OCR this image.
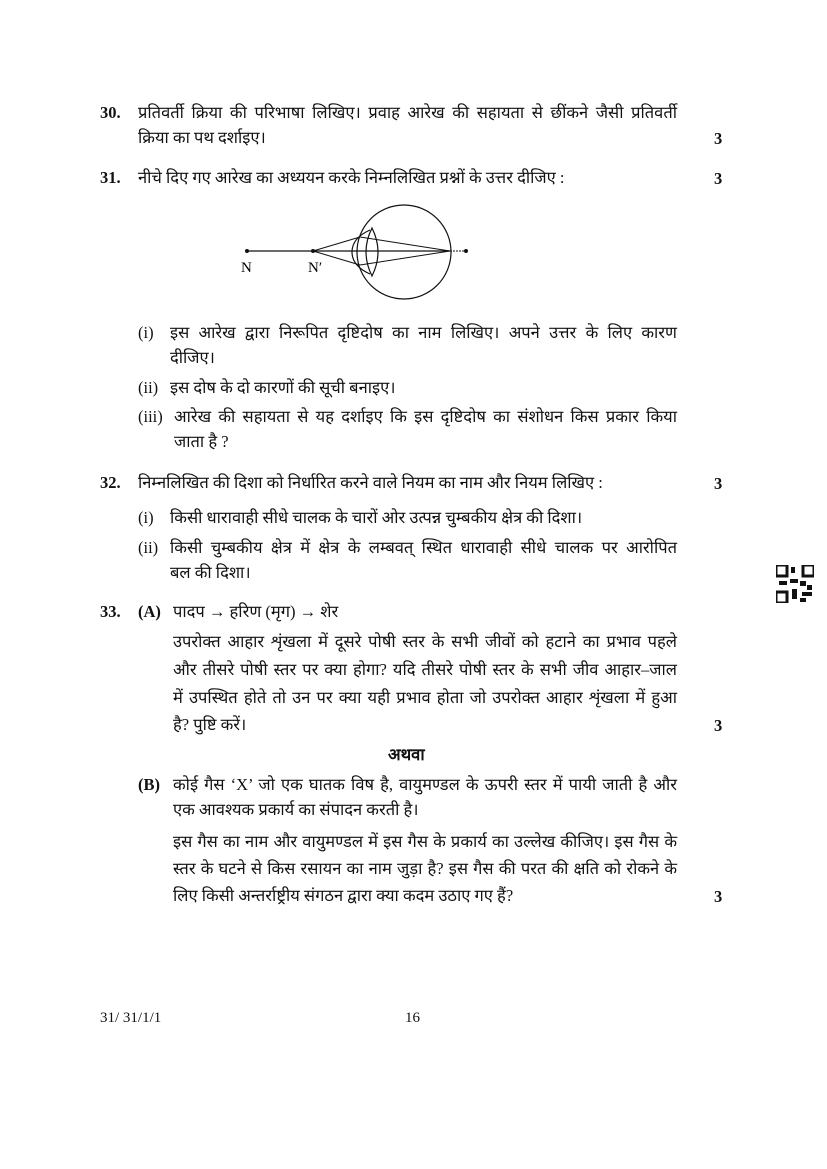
30. प्रतिवर्ती क्रिया की परिभाषा लिखिए। प्रवाह आरेख की सहायता से छींकने जैसी प्रतिवर्ती
क्रिया का पथ दर्शाइए।	3
31. नीचे दिए गए आरेख का अध्ययन करके निम्नलिखित प्रश्नों के उत्तर दीजिए :	3
N	N′
(i) इस आरेख द्वारा निरूपित दृष्टिदोष का नाम लिखिए। अपने उत्तर के लिए कारण
दीजिए।
(ii) इस दोष के दो कारणों की सूची बनाइए।
(iii) आरेख की सहायता से यह दर्शाइए कि इस दृष्टिदोष का संशोधन किस प्रकार किया
जाता है ?
32. निम्नलिखित की दिशा को निर्धारित करने वाले नियम का नाम और नियम लिखिए :	3
(i) किसी धारावाही सीधे चालक के चारों ओर उत्पन्न चुम्बकीय क्षेत्र की दिशा।
(ii) किसी चुम्बकीय क्षेत्र में क्षेत्र के लम्बवत् स्थित धारावाही सीधे चालक पर आरोपित
बल की दिशा।
33. (A) पादप → हरिण (मृग) → शेर
उपरोक्त आहार शृंखला में दूसरे पोषी स्तर के सभी जीवों को हटाने का प्रभाव पहले
और तीसरे पोषी स्तर पर क्या होगा? यदि तीसरे पोषी स्तर के सभी जीव आहार–जाल
में उपस्थित होते तो उन पर क्या यही प्रभाव होता जो उपरोक्त आहार शृंखला में हुआ
है? पुष्टि करें।	3
अथवा
(B) कोई गैस ‘X’ जो एक घातक विष है, वायुमण्डल के ऊपरी स्तर में पायी जाती है और
एक आवश्यक प्रकार्य का संपादन करती है।
इस गैस का नाम और वायुमण्डल में इस गैस के प्रकार्य का उल्लेख कीजिए। इस गैस के
स्तर के घटने से किस रसायन का नाम जुड़ा है? इस गैस की परत की क्षति को रोकने के
लिए किसी अन्तर्राष्ट्रीय संगठन द्वारा क्या कदम उठाए गए हैं?	3
31/ 31/1/1	16
